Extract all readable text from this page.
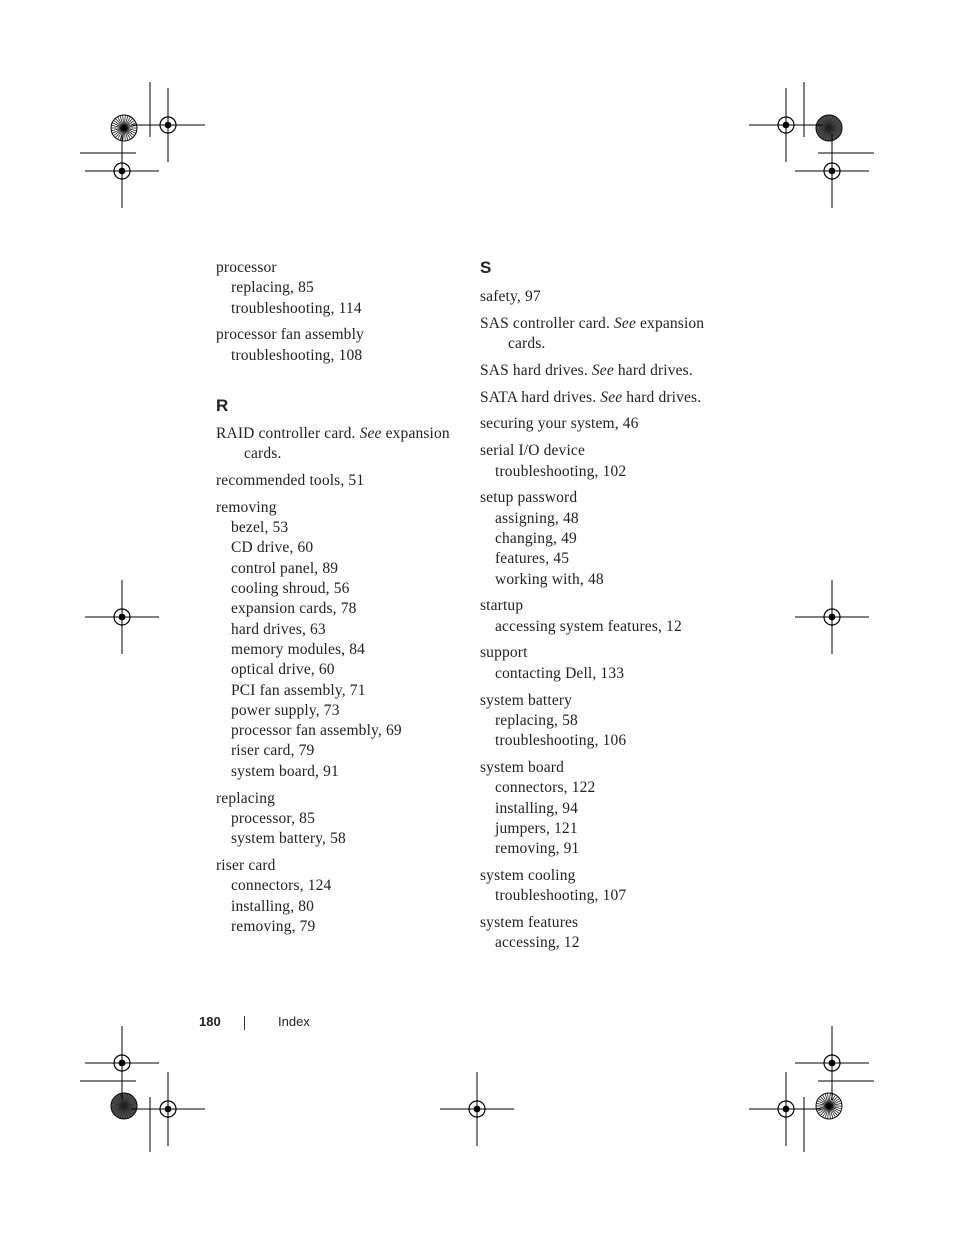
processor
replacing, 85
troubleshooting, 114
processor fan assembly
troubleshooting, 108
R
RAID controller card. See expansion cards.
recommended tools, 51
removing
bezel, 53
CD drive, 60
control panel, 89
cooling shroud, 56
expansion cards, 78
hard drives, 63
memory modules, 84
optical drive, 60
PCI fan assembly, 71
power supply, 73
processor fan assembly, 69
riser card, 79
system board, 91
replacing
processor, 85
system battery, 58
riser card
connectors, 124
installing, 80
removing, 79
S
safety, 97
SAS controller card. See expansion cards.
SAS hard drives. See hard drives.
SATA hard drives. See hard drives.
securing your system, 46
serial I/O device
troubleshooting, 102
setup password
assigning, 48
changing, 49
features, 45
working with, 48
startup
accessing system features, 12
support
contacting Dell, 133
system battery
replacing, 58
troubleshooting, 106
system board
connectors, 122
installing, 94
jumpers, 121
removing, 91
system cooling
troubleshooting, 107
system features
accessing, 12
180	Index
